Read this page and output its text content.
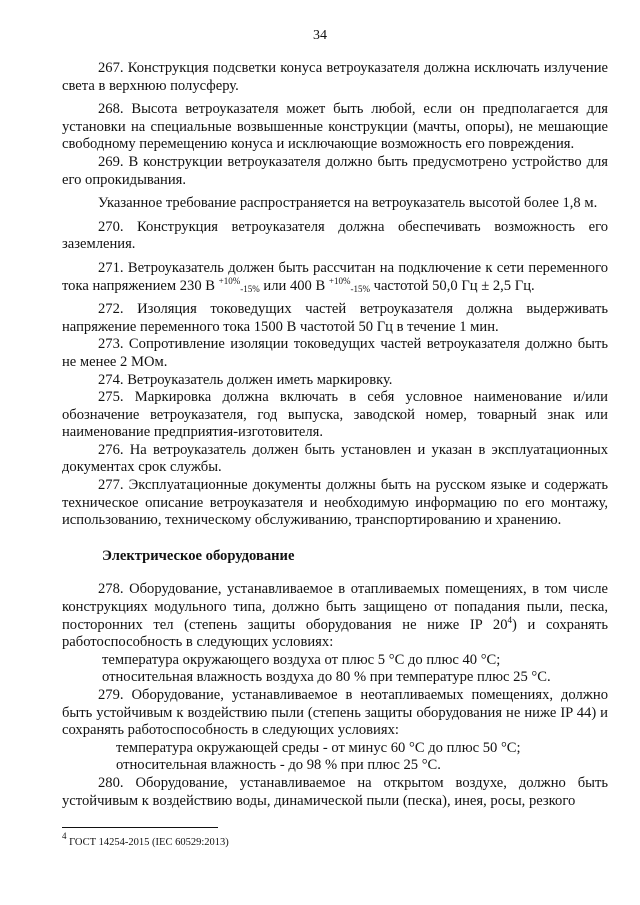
34

267. Конструкция подсветки конуса ветроуказателя должна исключать излучение света в верхнюю полусферу.

268. Высота ветроуказателя может быть любой, если он предполагается для установки на специальные возвышенные конструкции (мачты, опоры), не мешающие свободному перемещению конуса и исключающие возможность его повреждения.

269. В конструкции ветроуказателя должно быть предусмотрено устройство для его опрокидывания.

Указанное требование распространяется на ветроуказатель высотой более 1,8 м.

270. Конструкция ветроуказателя должна обеспечивать возможность его заземления.

271. Ветроуказатель должен быть рассчитан на подключение к сети переменного тока напряжением 230 В $^{+10\%}_{-15\%}$ или 400 В $^{+10\%}_{-15\%}$ частотой 50,0 Гц ± 2,5 Гц.

272. Изоляция токоведущих частей ветроуказателя должна выдерживать напряжение переменного тока 1500 В частотой 50 Гц в течение 1 мин.

273. Сопротивление изоляции токоведущих частей ветроуказателя должно быть не менее 2 МОм.

274. Ветроуказатель должен иметь маркировку.

275. Маркировка должна включать в себя условное наименование и/или обозначение ветроуказателя, год выпуска, заводской номер, товарный знак или наименование предприятия-изготовителя.

276. На ветроуказатель должен быть установлен и указан в эксплуатационных документах срок службы.

277. Эксплуатационные документы должны быть на русском языке и содержать техническое описание ветроуказателя и необходимую информацию по его монтажу, использованию, техническому обслуживанию, транспортированию и хранению.

Электрическое оборудование

278. Оборудование, устанавливаемое в отапливаемых помещениях, в том числе конструкциях модульного типа, должно быть защищено от попадания пыли, песка, посторонних тел (степень защиты оборудования не ниже IP $20^4$) и сохранять работоспособность в следующих условиях:

температура окружающего воздуха от плюс 5 °С до плюс 40 °С;

относительная влажность воздуха до 80 % при температуре плюс 25 °С.

279. Оборудование, устанавливаемое в неотапливаемых помещениях, должно быть устойчивым к воздействию пыли (степень защиты оборудования не ниже IP 44) и сохранять работоспособность в следующих условиях:

температура окружающей среды - от минус 60 °С до плюс 50 °С;

относительная влажность - до 98 % при плюс 25 °С.

280. Оборудование, устанавливаемое на открытом воздухе, должно быть устойчивым к воздействию воды, динамической пыли (песка), инея, росы, резкого

$^4$ ГОСТ 14254-2015 (IEC 60529:2013)
